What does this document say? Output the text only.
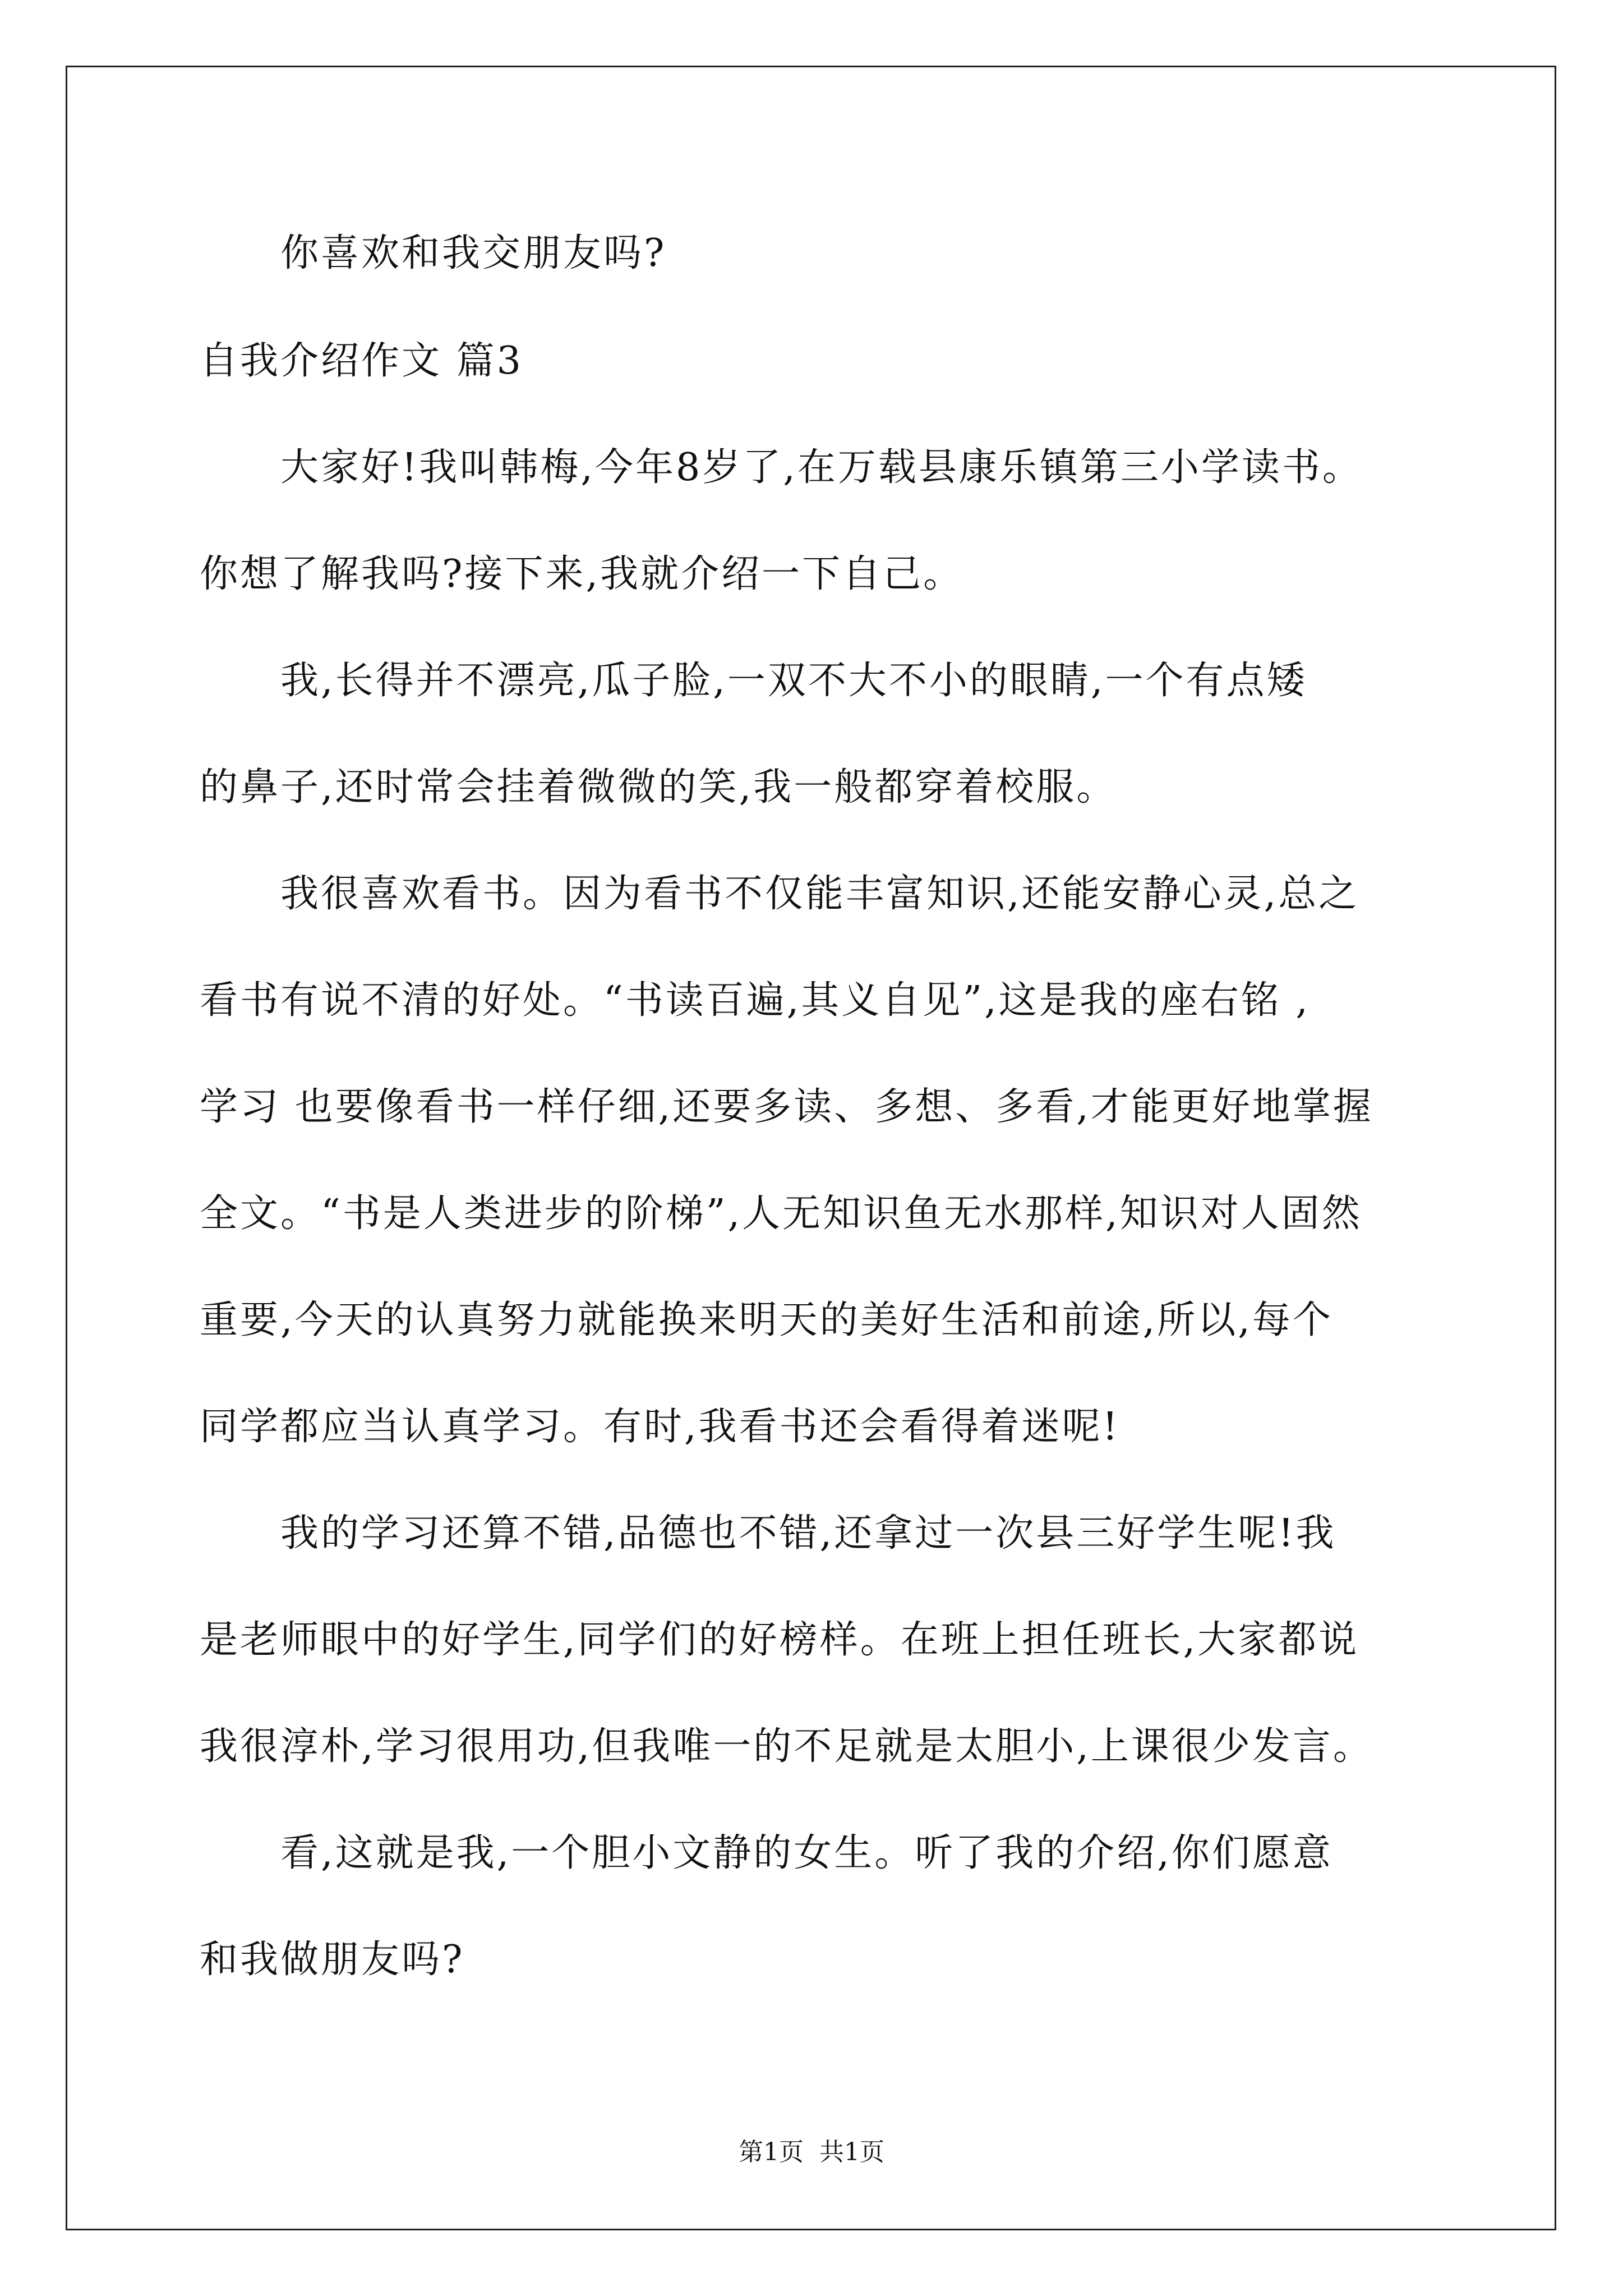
你喜欢和我交朋友吗?
自我介绍作文 篇3
大家好!我叫韩梅,今年8岁了,在万载县康乐镇第三小学读书。
你想了解我吗?接下来,我就介绍一下自己。
我,长得并不漂亮,瓜子脸,一双不大不小的眼睛,一个有点矮
的鼻子,还时常会挂着微微的笑,我一般都穿着校服。
我很喜欢看书。因为看书不仅能丰富知识,还能安静心灵,总之
看书有说不清的好处。“书读百遍,其义自见”,这是我的座右铭 ,
学习 也要像看书一样仔细,还要多读、多想、多看,才能更好地掌握
全文。“书是人类进步的阶梯”,人无知识鱼无水那样,知识对人固然
重要,今天的认真努力就能换来明天的美好生活和前途,所以,每个
同学都应当认真学习。有时,我看书还会看得着迷呢!
我的学习还算不错,品德也不错,还拿过一次县三好学生呢!我
是老师眼中的好学生,同学们的好榜样。在班上担任班长,大家都说
我很淳朴,学习很用功,但我唯一的不足就是太胆小,上课很少发言。
看,这就是我,一个胆小文静的女生。听了我的介绍,你们愿意
和我做朋友吗?
第1页  共1页
